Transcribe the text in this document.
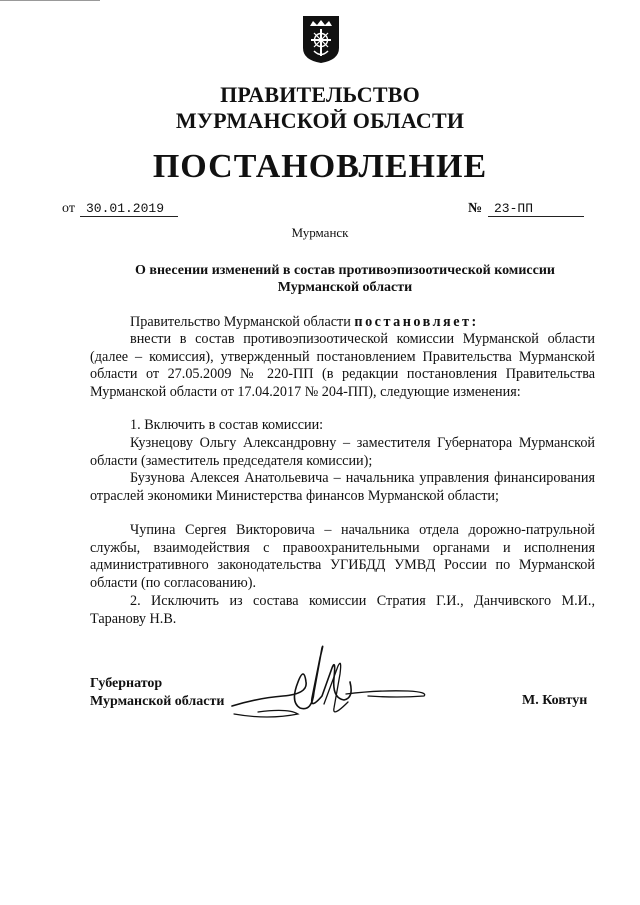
ПРАВИТЕЛЬСТВО
МУРМАНСКОЙ ОБЛАСТИ
ПОСТАНОВЛЕНИЕ
от 30.01.2019	№ 23-ПП
Мурманск
О внесении изменений в состав противоэпизоотической комиссии
Мурманской области
Правительство Мурманской области постановляет:
внести в состав противоэпизоотической комиссии Мурманской области (далее – комиссия), утвержденный постановлением Правительства Мурманской области от 27.05.2009 № 220-ПП (в редакции постановления Правительства Мурманской области от 17.04.2017 № 204-ПП), следующие изменения:
1. Включить в состав комиссии:
Кузнецову Ольгу Александровну – заместителя Губернатора Мурманской области (заместитель председателя комиссии);
Бузунова Алексея Анатольевича – начальника управления финансирования отраслей экономики Министерства финансов Мурманской области;
Чупина Сергея Викторовича – начальника отдела дорожно-патрульной службы, взаимодействия с правоохранительными органами и исполнения административного законодательства УГИБДД УМВД России по Мурманской области (по согласованию).
2. Исключить из состава комиссии Стратия Г.И., Данчивского М.И., Таранову Н.В.
Губернатор
Мурманской области	М. Ковтун
